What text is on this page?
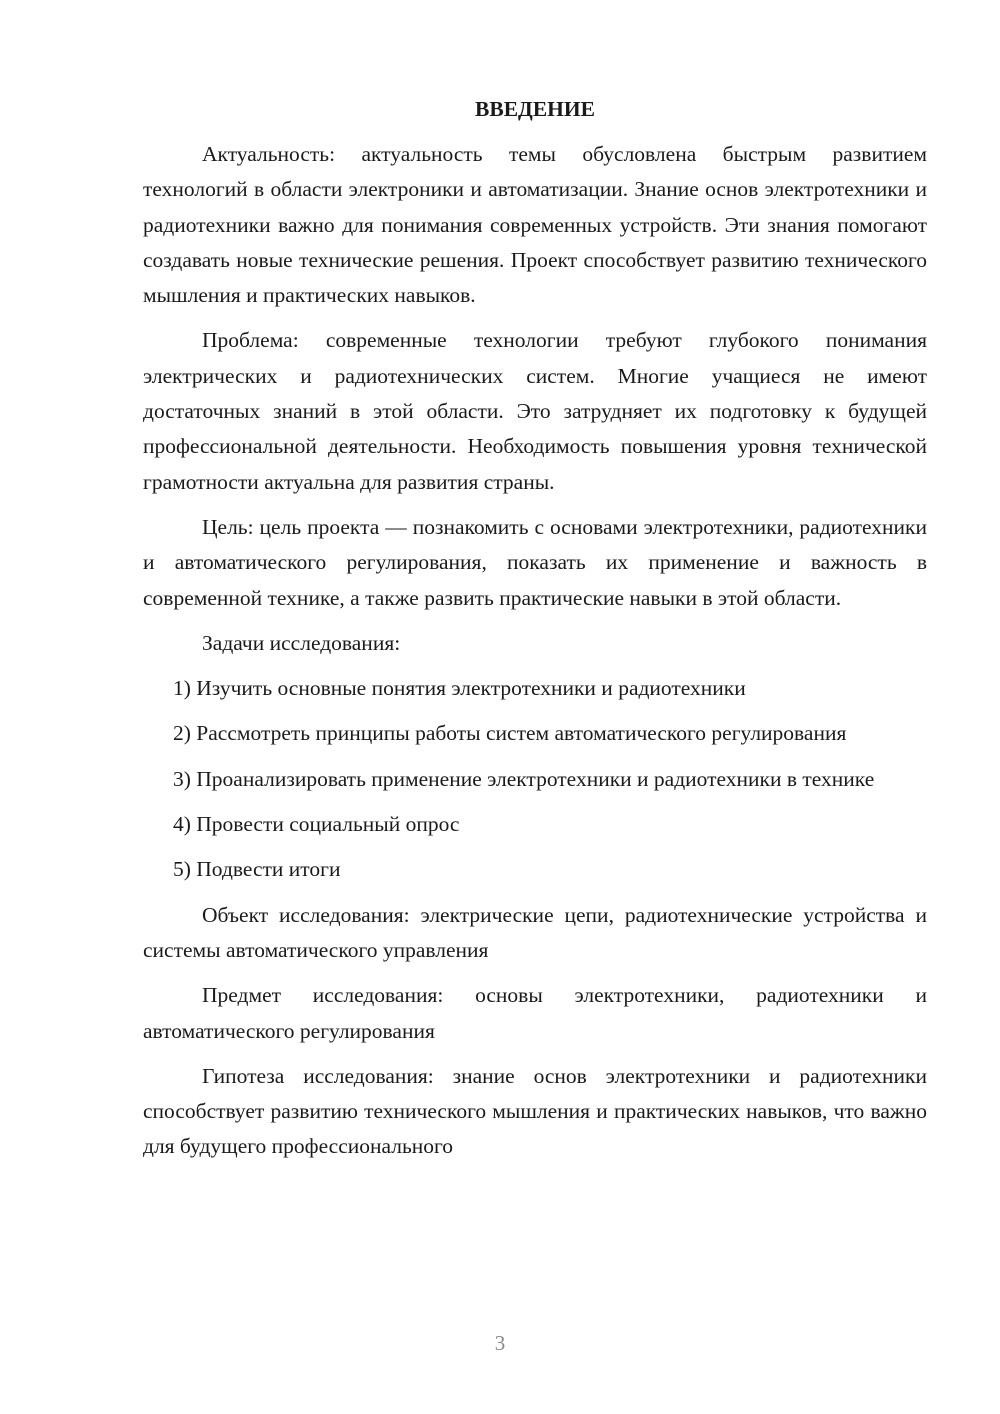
ВВЕДЕНИЕ

Актуальность: актуальность темы обусловлена быстрым развитием технологий в области электроники и автоматизации. Знание основ электротехники и радиотехники важно для понимания современных устройств. Эти знания помогают создавать новые технические решения. Проект способствует развитию технического мышления и практических навыков.

Проблема: современные технологии требуют глубокого понимания электрических и радиотехнических систем. Многие учащиеся не имеют достаточных знаний в этой области. Это затрудняет их подготовку к будущей профессиональной деятельности. Необходимость повышения уровня технической грамотности актуальна для развития страны.

Цель: цель проекта — познакомить с основами электротехники, радиотехники и автоматического регулирования, показать их применение и важность в современной технике, а также развить практические навыки в этой области.

Задачи исследования:

1) Изучить основные понятия электротехники и радиотехники

2) Рассмотреть принципы работы систем автоматического регулирования

3) Проанализировать применение электротехники и радиотехники в технике

4) Провести социальный опрос

5) Подвести итоги

Объект исследования: электрические цепи, радиотехнические устройства и системы автоматического управления

Предмет исследования: основы электротехники, радиотехники и автоматического регулирования

Гипотеза исследования: знание основ электротехники и радиотехники способствует развитию технического мышления и практических навыков, что важно для будущего профессионального

3
